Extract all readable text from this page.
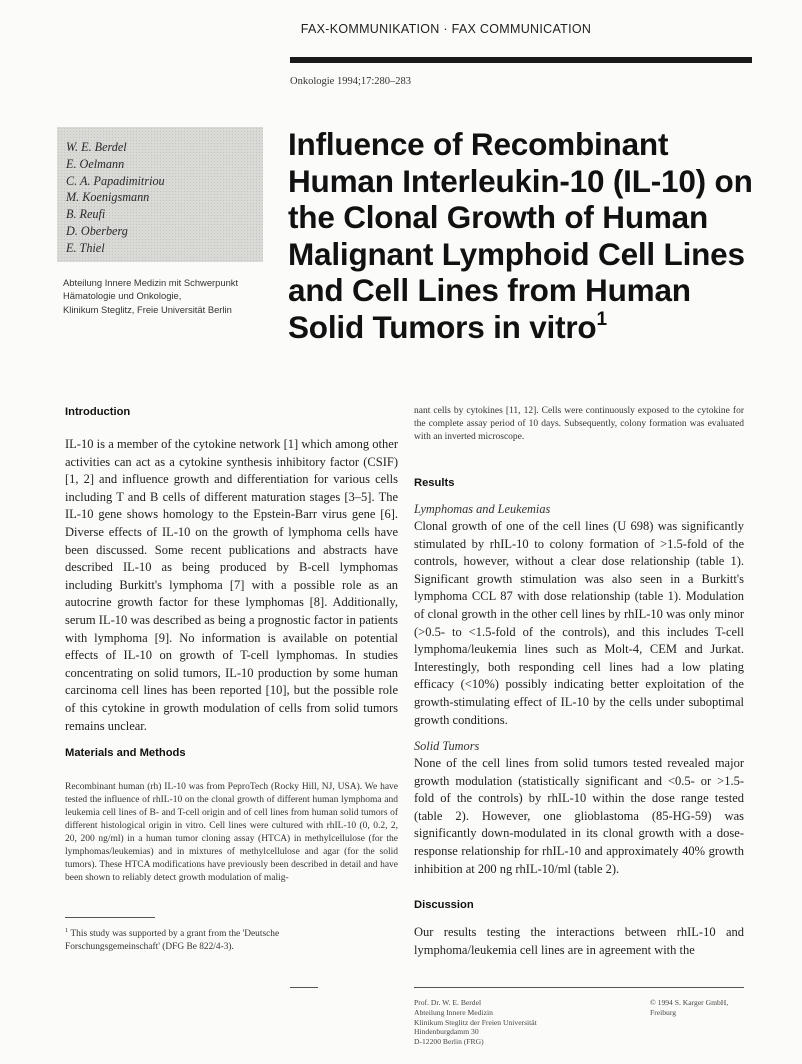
FAX-KOMMUNIKATION · FAX COMMUNICATION
Onkologie 1994;17:280–283
W. E. Berdel
E. Oelmann
C. A. Papadimitriou
M. Koenigsmann
B. Reufi
D. Oberberg
E. Thiel
Abteilung Innere Medizin mit Schwerpunkt
Hämatologie und Onkologie,
Klinikum Steglitz, Freie Universität Berlin
Influence of Recombinant
Human Interleukin-10 (IL-10) on
the Clonal Growth of Human
Malignant Lymphoid Cell Lines
and Cell Lines from Human
Solid Tumors in vitro$^1$
Introduction
IL-10 is a member of the cytokine network [1] which among other activities can act as a cytokine synthesis inhibitory factor (CSIF) [1, 2] and influence growth and differentiation for various cells including T and B cells of different maturation stages [3–5]. The IL-10 gene shows homology to the Epstein-Barr virus gene [6]. Diverse effects of IL-10 on the growth of lymphoma cells have been discussed. Some recent publications and abstracts have described IL-10 as being produced by B-cell lymphomas including Burkitt's lymphoma [7] with a possible role as an autocrine growth factor for these lymphomas [8]. Additionally, serum IL-10 was described as being a prognostic factor in patients with lymphoma [9]. No information is available on potential effects of IL-10 on growth of T-cell lymphomas. In studies concentrating on solid tumors, IL-10 production by some human carcinoma cell lines has been reported [10], but the possible role of this cytokine in growth modulation of cells from solid tumors remains unclear.
Materials and Methods
Recombinant human (rh) IL-10 was from PeproTech (Rocky Hill, NJ, USA). We have tested the influence of rhIL-10 on the clonal growth of different human lymphoma and leukemia cell lines of B- and T-cell origin and of cell lines from human solid tumors of different histological origin in vitro. Cell lines were cultured with rhIL-10 (0, 0.2, 2, 20, 200 ng/ml) in a human tumor cloning assay (HTCA) in methylcellulose (for the lymphomas/leukemias) and in mixtures of methylcellulose and agar (for the solid tumors). These HTCA modifications have previously been described in detail and have been shown to reliably detect growth modulation of malig-
$^1$ This study was supported by a grant from the 'Deutsche Forschungsgemeinschaft' (DFG Be 822/4-3).
nant cells by cytokines [11, 12]. Cells were continuously exposed to the cytokine for the complete assay period of 10 days. Subsequently, colony formation was evaluated with an inverted microscope.
Results
Lymphomas and Leukemias
Clonal growth of one of the cell lines (U 698) was significantly stimulated by rhIL-10 to colony formation of >1.5-fold of the controls, however, without a clear dose relationship (table 1). Significant growth stimulation was also seen in a Burkitt's lymphoma CCL 87 with dose relationship (table 1). Modulation of clonal growth in the other cell lines by rhIL-10 was only minor (>0.5- to <1.5-fold of the controls), and this includes T-cell lymphoma/leukemia lines such as Molt-4, CEM and Jurkat. Interestingly, both responding cell lines had a low plating efficacy (<10%) possibly indicating better exploitation of the growth-stimulating effect of IL-10 by the cells under suboptimal growth conditions.
Solid Tumors
None of the cell lines from solid tumors tested revealed major growth modulation (statistically significant and <0.5- or >1.5-fold of the controls) by rhIL-10 within the dose range tested (table 2). However, one glioblastoma (85-HG-59) was significantly down-modulated in its clonal growth with a dose-response relationship for rhIL-10 and approximately 40% growth inhibition at 200 ng rhIL-10/ml (table 2).
Discussion
Our results testing the interactions between rhIL-10 and lymphoma/leukemia cell lines are in agreement with the
Prof. Dr. W. E. Berdel
Abteilung Innere Medizin
Klinikum Steglitz der Freien Universität
Hindenburgdamm 30
D-12200 Berlin (FRG)
© 1994 S. Karger GmbH,
Freiburg
